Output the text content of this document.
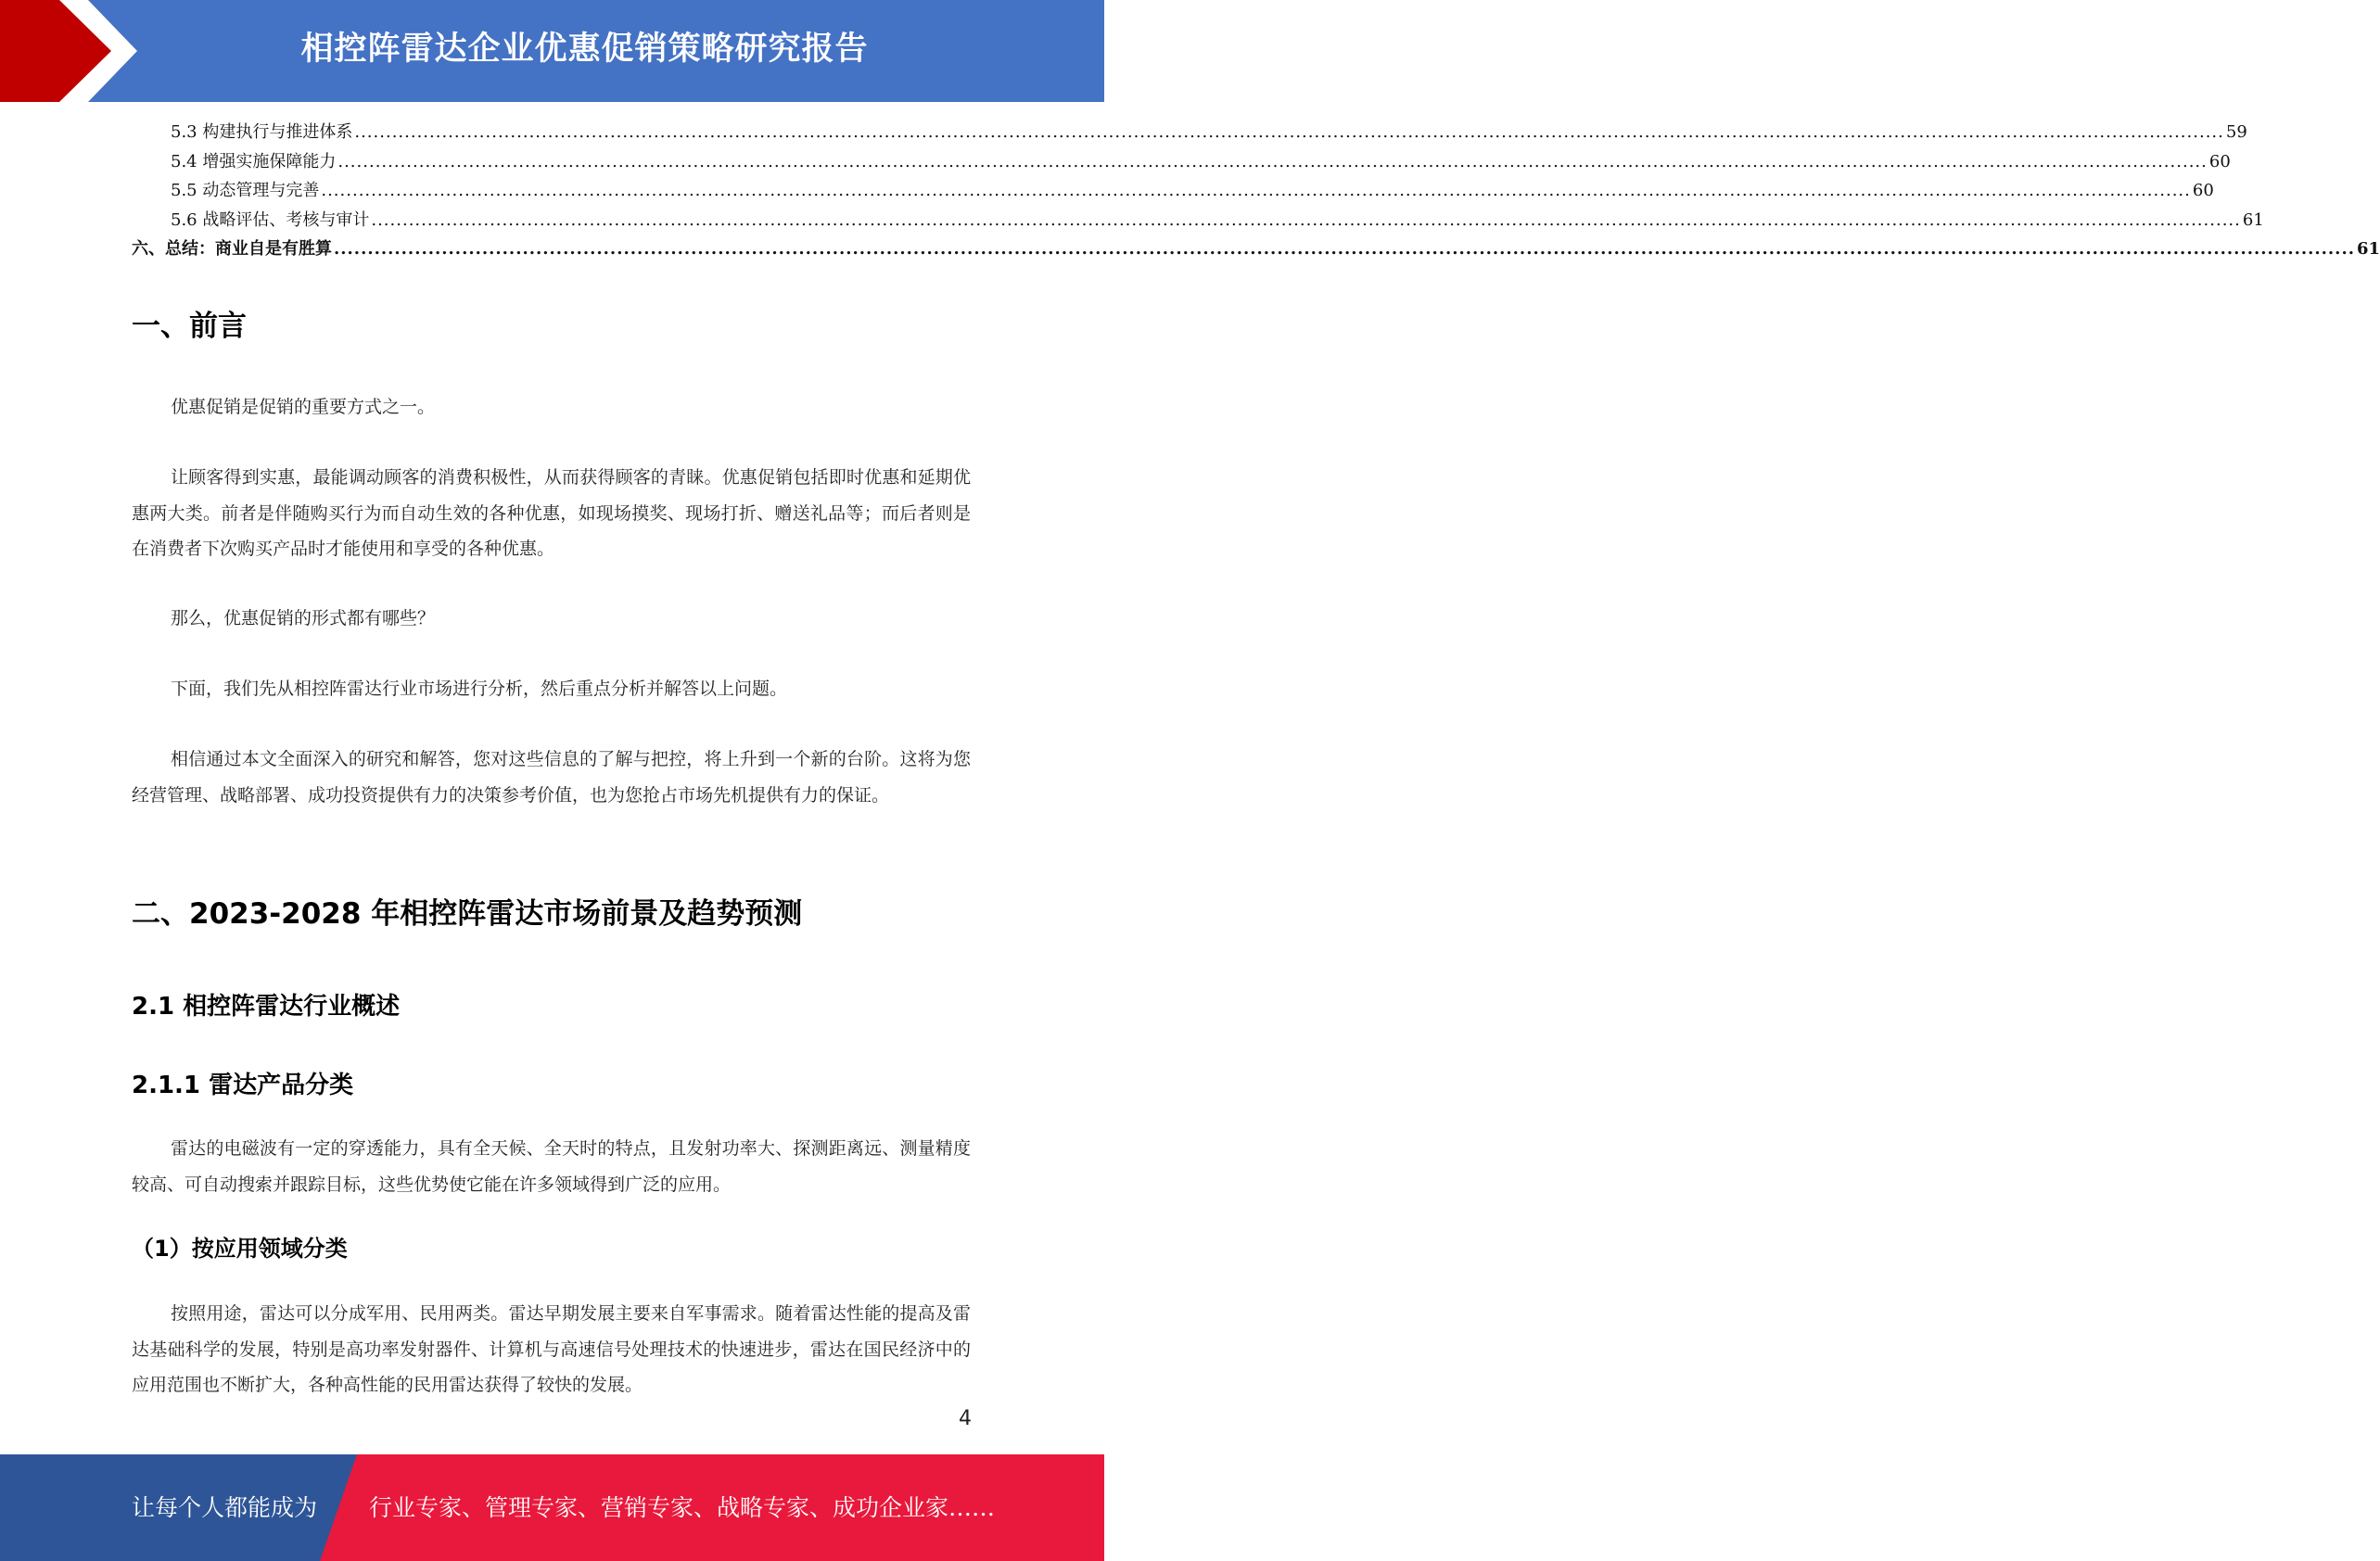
相控阵雷达企业优惠促销策略研究报告
5.3 构建执行与推进体系 ............................................................................................................................................................................................................................................................................................................ 59
5.4 增强实施保障能力 ............................................................................................................................................................................................................................................................................................................ 60
5.5 动态管理与完善 ............................................................................................................................................................................................................................................................................................................ 60
5.6 战略评估、考核与审计 ............................................................................................................................................................................................................................................................................................................ 61
六、总结：商业自是有胜算 ............................................................................................................................................................................................................................................................................................................ 61
一、前言

优惠促销是促销的重要方式之一。

让顾客得到实惠，最能调动顾客的消费积极性，从而获得顾客的青睐。优惠促销包括即时优惠和延期优惠两大类。前者是伴随购买行为而自动生效的各种优惠，如现场摸奖、现场打折、赠送礼品等；而后者则是在消费者下次购买产品时才能使用和享受的各种优惠。

那么，优惠促销的形式都有哪些？

下面，我们先从相控阵雷达行业市场进行分析，然后重点分析并解答以上问题。

相信通过本文全面深入的研究和解答，您对这些信息的了解与把控，将上升到一个新的台阶。这将为您经营管理、战略部署、成功投资提供有力的决策参考价值，也为您抢占市场先机提供有力的保证。

二、2023-2028 年相控阵雷达市场前景及趋势预测
2.1 相控阵雷达行业概述
2.1.1 雷达产品分类

雷达的电磁波有一定的穿透能力，具有全天候、全天时的特点，且发射功率大、探测距离远、测量精度较高、可自动搜索并跟踪目标，这些优势使它能在许多领域得到广泛的应用。

（1）按应用领域分类

按照用途，雷达可以分成军用、民用两类。雷达早期发展主要来自军事需求。随着雷达性能的提高及雷达基础科学的发展，特别是高功率发射器件、计算机与高速信号处理技术的快速进步，雷达在国民经济中的应用范围也不断扩大，各种高性能的民用雷达获得了较快的发展。

4
让每个人都能成为 行业专家、管理专家、营销专家、战略专家、成功企业家……
